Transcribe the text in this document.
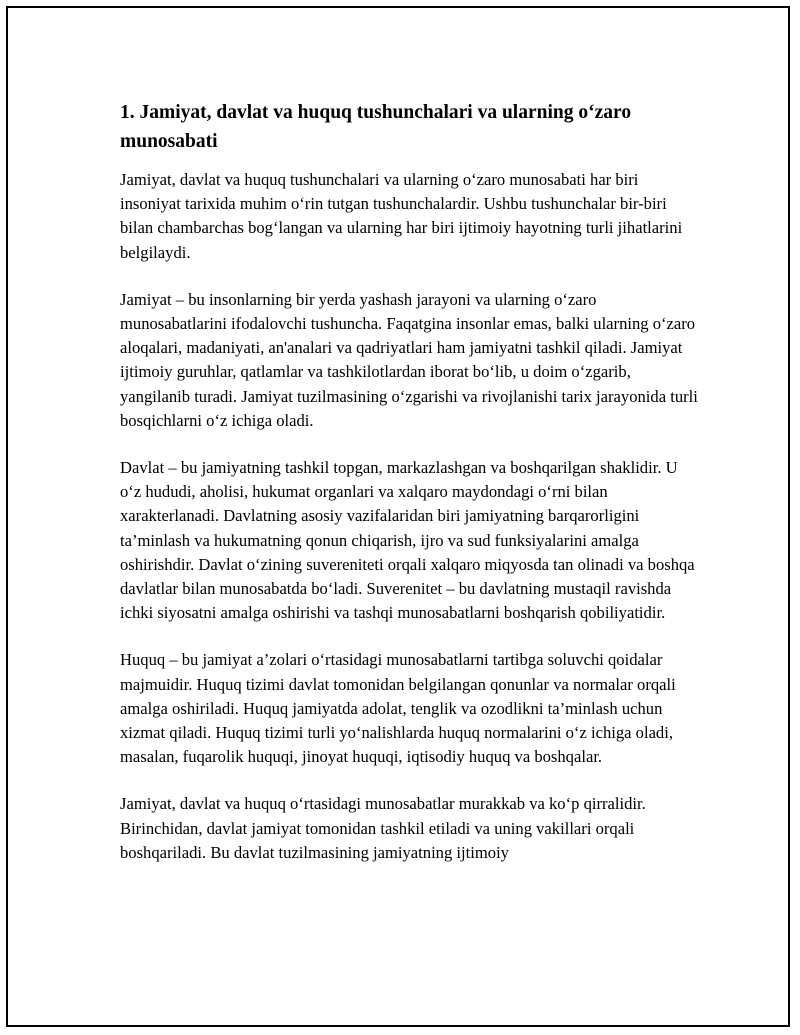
1. Jamiyat, davlat va huquq tushunchalari va ularning o‘zaro munosabati

Jamiyat, davlat va huquq tushunchalari va ularning o‘zaro munosabati har biri insoniyat tarixida muhim o‘rin tutgan tushunchalardir. Ushbu tushunchalar bir-biri bilan chambarchas bog‘langan va ularning har biri ijtimoiy hayotning turli jihatlarini belgilaydi.

Jamiyat – bu insonlarning bir yerda yashash jarayoni va ularning o‘zaro munosabatlarini ifodalovchi tushuncha. Faqatgina insonlar emas, balki ularning o‘zaro aloqalari, madaniyati, an'analari va qadriyatlari ham jamiyatni tashkil qiladi. Jamiyat ijtimoiy guruhlar, qatlamlar va tashkilotlardan iborat bo‘lib, u doim o‘zgarib, yangilanib turadi. Jamiyat tuzilmasining o‘zgarishi va rivojlanishi tarix jarayonida turli bosqichlarni o‘z ichiga oladi.

Davlat – bu jamiyatning tashkil topgan, markazlashgan va boshqarilgan shaklidir. U o‘z hududi, aholisi, hukumat organlari va xalqaro maydondagi o‘rni bilan xarakterlanadi. Davlatning asosiy vazifalaridan biri jamiyatning barqarorligini ta’minlash va hukumatning qonun chiqarish, ijro va sud funksiyalarini amalga oshirishdir. Davlat o‘zining suvereniteti orqali xalqaro miqyosda tan olinadi va boshqa davlatlar bilan munosabatda bo‘ladi. Suverenitet – bu davlatning mustaqil ravishda ichki siyosatni amalga oshirishi va tashqi munosabatlarni boshqarish qobiliyatidir.

Huquq – bu jamiyat a’zolari o‘rtasidagi munosabatlarni tartibga soluvchi qoidalar majmuidir. Huquq tizimi davlat tomonidan belgilangan qonunlar va normalar orqali amalga oshiriladi. Huquq jamiyatda adolat, tenglik va ozodlikni ta’minlash uchun xizmat qiladi. Huquq tizimi turli yo‘nalishlarda huquq normalarini o‘z ichiga oladi, masalan, fuqarolik huquqi, jinoyat huquqi, iqtisodiy huquq va boshqalar.

Jamiyat, davlat va huquq o‘rtasidagi munosabatlar murakkab va ko‘p qirralidir. Birinchidan, davlat jamiyat tomonidan tashkil etiladi va uning vakillari orqali boshqariladi. Bu davlat tuzilmasining jamiyatning ijtimoiy
